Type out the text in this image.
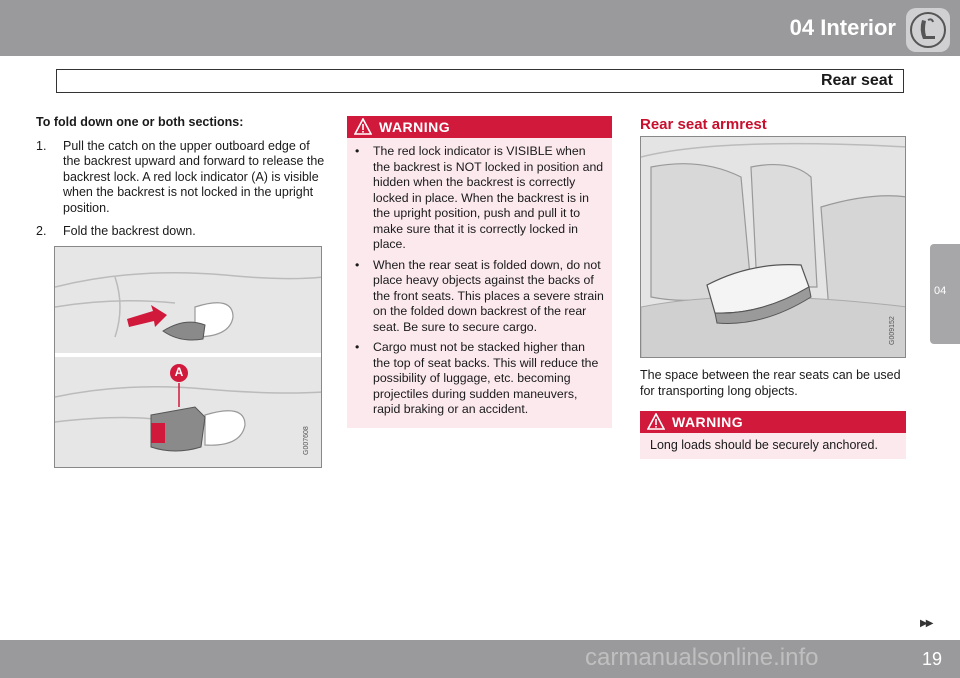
04 Interior
Rear seat
04
To fold down one or both sections:
1. Pull the catch on the upper outboard edge of the backrest upward and forward to release the backrest lock. A red lock indicator (A) is visible when the backrest is not locked in the upright position.
2. Fold the backrest down.
A
G007608
WARNING
• The red lock indicator is VISIBLE when the backrest is NOT locked in position and hidden when the backrest is correctly locked in place. When the backrest is in the upright position, push and pull it to make sure that it is correctly locked in place.
• When the rear seat is folded down, do not place heavy objects against the backs of the front seats. This places a severe strain on the folded down backrest of the rear seat. Be sure to secure cargo.
• Cargo must not be stacked higher than the top of seat backs. This will reduce the possibility of luggage, etc. becoming projectiles during sudden maneuvers, rapid braking or an accident.
Rear seat armrest
G009152
The space between the rear seats can be used for transporting long objects.
WARNING
Long loads should be securely anchored.
▶▶
19
carmanualsonline.info
